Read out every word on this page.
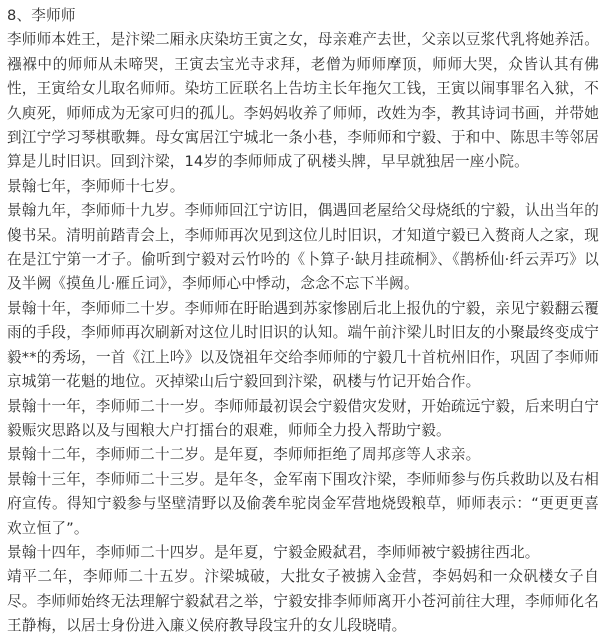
8、李师师

李师师本姓王，是汴梁二厢永庆染坊王寅之女，母亲难产去世，父亲以豆浆代乳将她养活。襁褓中的师师从未啼哭，王寅去宝光寺求拜，老僧为师师摩顶，师师大哭，众皆认其有佛性，王寅给女儿取名师师。染坊工匠联名上告坊主长年拖欠工钱，王寅以闹事罪名入狱，不久庾死，师师成为无家可归的孤儿。李妈妈收养了师师，改姓为李，教其诗词书画，并带她到江宁学习琴棋歌舞。母女寓居江宁城北一条小巷，李师师和宁毅、于和中、陈思丰等邻居算是儿时旧识。回到汴梁，14岁的李师师成了矾楼头牌，早早就独居一座小院。

景翰七年，李师师十七岁。

景翰九年，李师师十九岁。李师师回江宁访旧，偶遇回老屋给父母烧纸的宁毅，认出当年的傻书呆。清明前踏青会上，李师师再次见到这位儿时旧识，才知道宁毅已入赘商人之家，现在是江宁第一才子。偷听到宁毅对云竹吟的《卜算子·缺月挂疏桐》、《鹊桥仙·纤云弄巧》以及半阙《摸鱼儿·雁丘词》，李师师心中悸动，念念不忘下半阙。

景翰十年，李师师二十岁。李师师在盱眙遇到苏家惨剧后北上报仇的宁毅，亲见宁毅翻云覆雨的手段，李师师再次刷新对这位儿时旧识的认知。端午前汴梁儿时旧友的小聚最终变成宁毅**的秀场，一首《江上吟》以及饶祖年交给李师师的宁毅几十首杭州旧作，巩固了李师师京城第一花魁的地位。灭掉梁山后宁毅回到汴梁，矾楼与竹记开始合作。

景翰十一年，李师师二十一岁。李师师最初误会宁毅借灾发财，开始疏远宁毅，后来明白宁毅赈灾思路以及与囤粮大户打擂台的艰难，师师全力投入帮助宁毅。

景翰十二年，李师师二十二岁。是年夏，李师师拒绝了周邦彦等人求亲。

景翰十三年，李师师二十三岁。是年冬，金军南下围攻汴梁，李师师参与伤兵救助以及右相府宣传。得知宁毅参与坚壁清野以及偷袭牟驼岗金军营地烧毁粮草，师师表示：“更更更喜欢立恒了”。

景翰十四年，李师师二十四岁。是年夏，宁毅金殿弑君，李师师被宁毅掳往西北。

靖平二年，李师师二十五岁。汴梁城破，大批女子被掳入金营，李妈妈和一众矾楼女子自尽。李师师始终无法理解宁毅弑君之举，宁毅安排李师师离开小苍河前往大理，李师师化名王静梅，以居士身份进入廉义侯府教导段宝升的女儿段晓晴。
